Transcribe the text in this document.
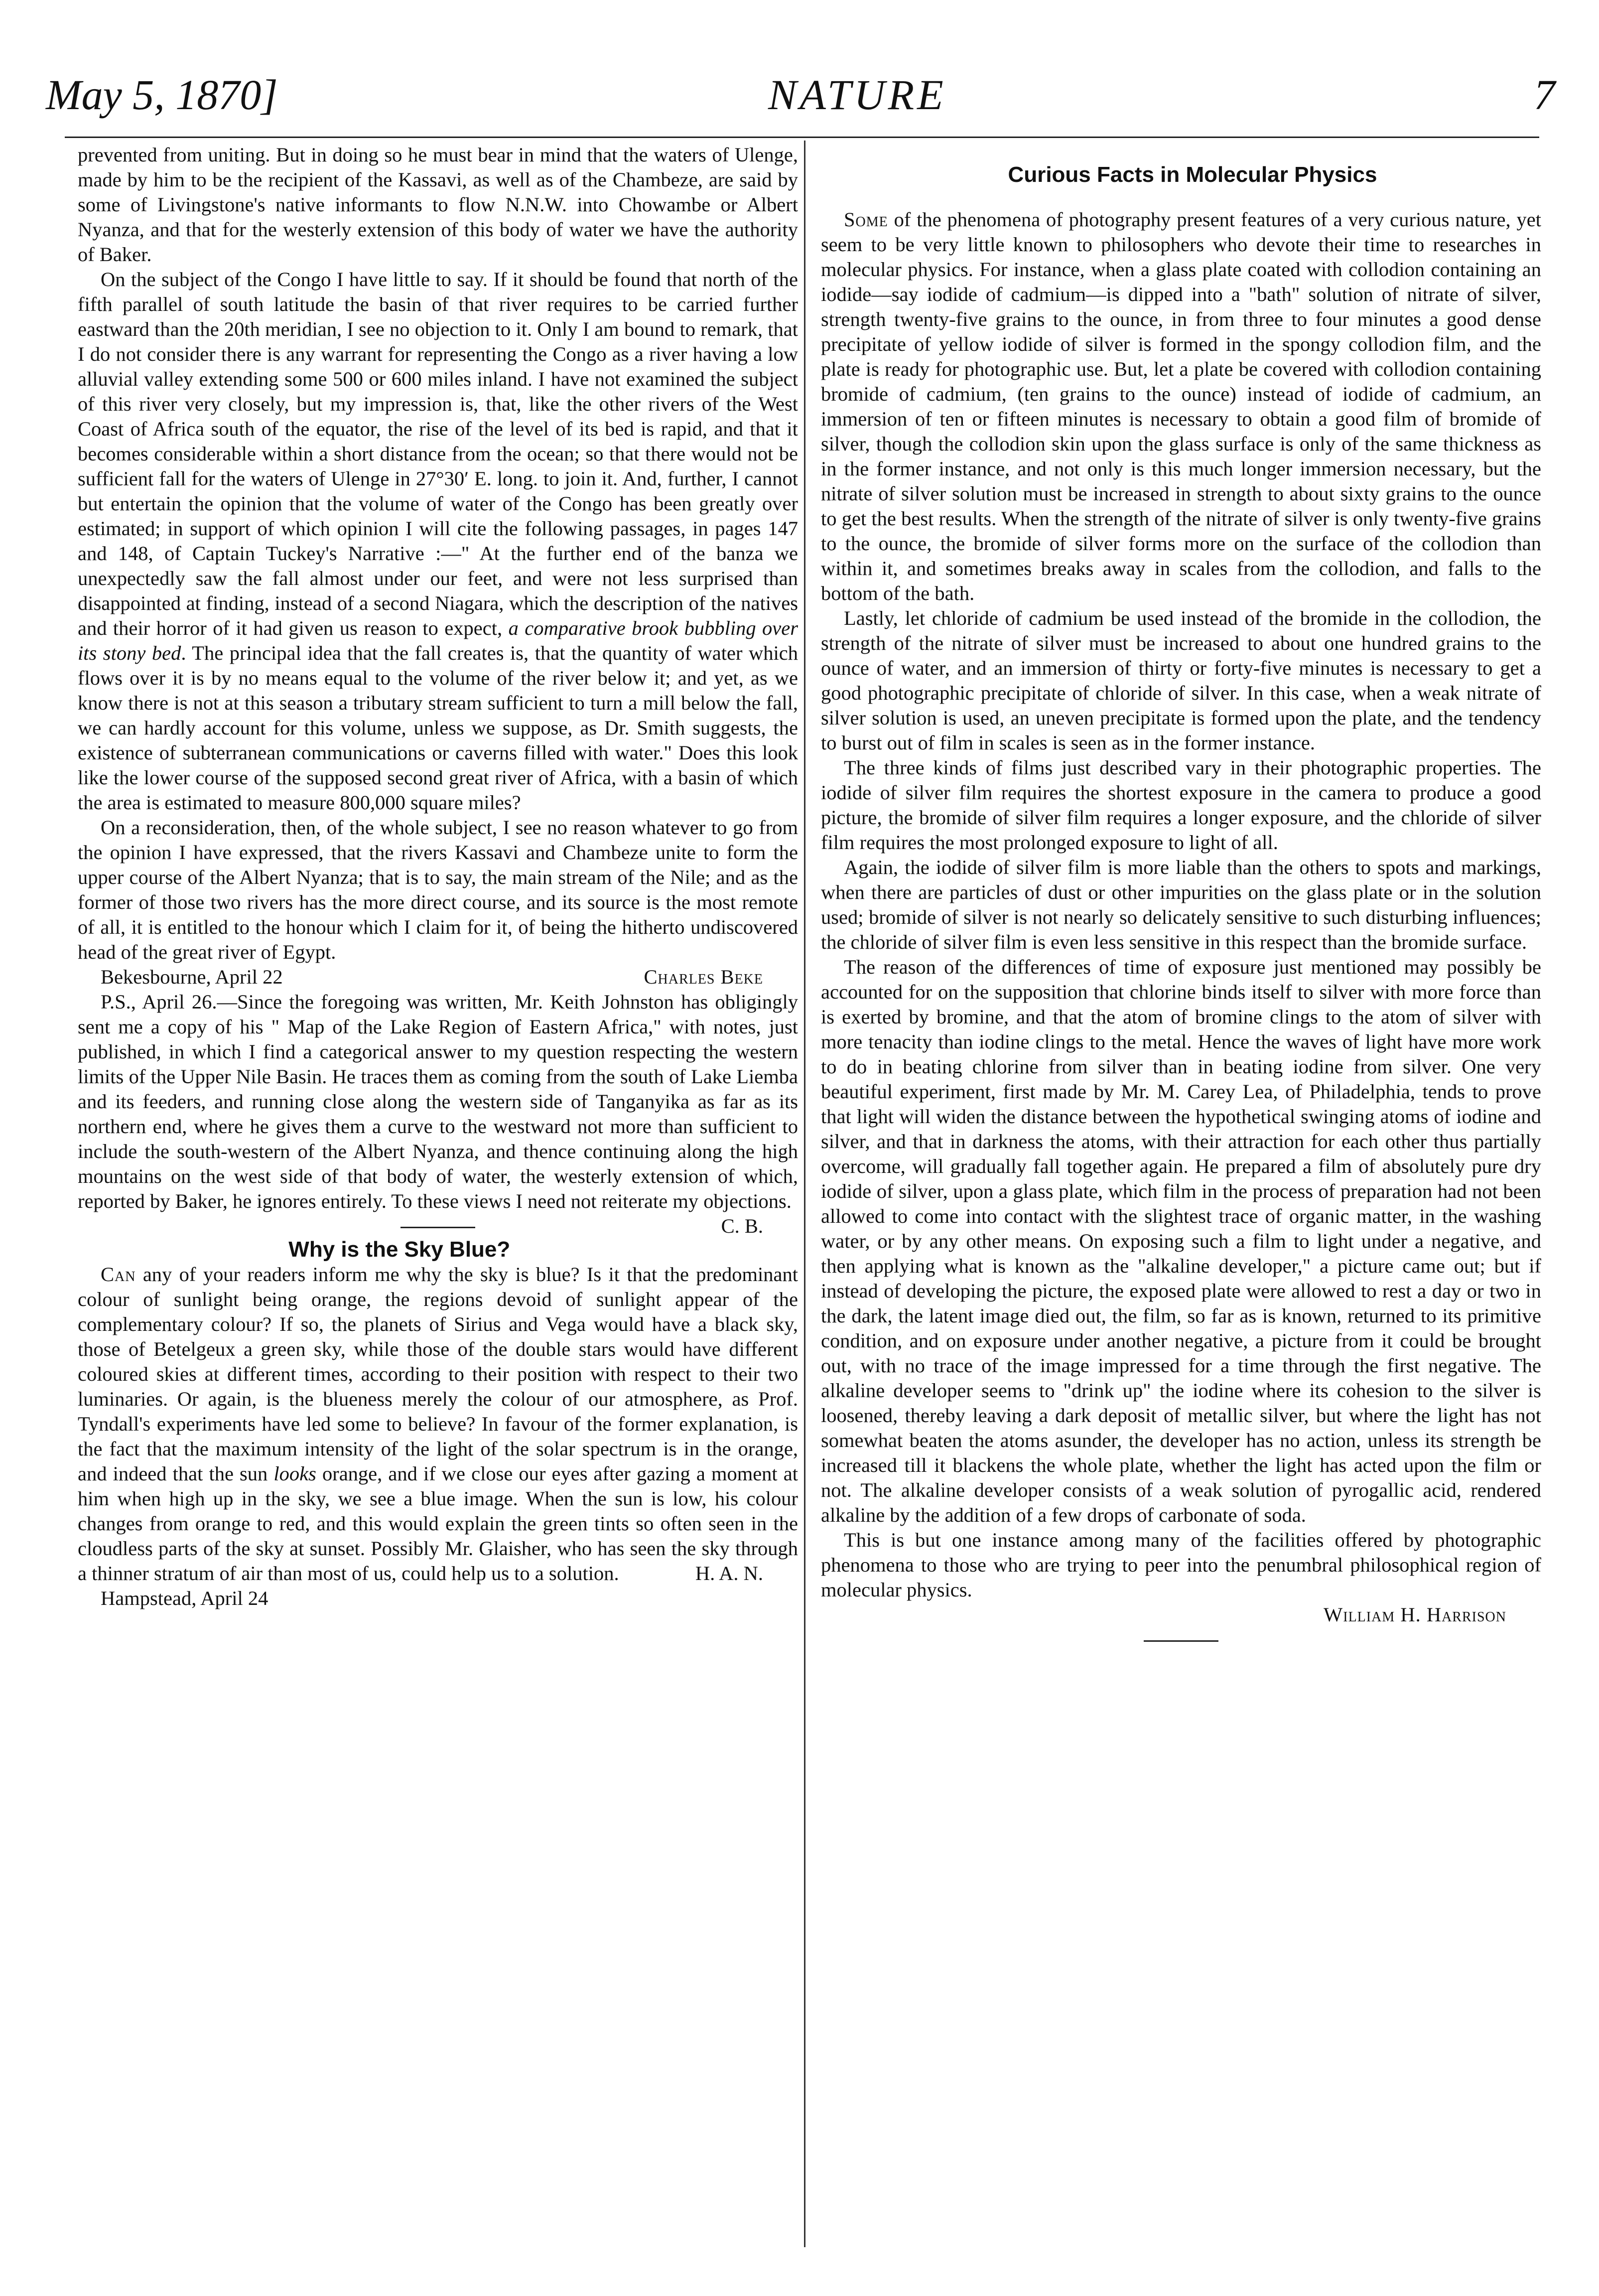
May 5, 1870]	NATURE	7

prevented from uniting. But in doing so he must bear in mind that the waters of Ulenge, made by him to be the recipient of the Kassavi, as well as of the Chambeze, are said by some of Livingstone's native informants to flow N.N.W. into Chowambe or Albert Nyanza, and that for the westerly extension of this body of water we have the authority of Baker.

On the subject of the Congo I have little to say. If it should be found that north of the fifth parallel of south latitude the basin of that river requires to be carried further eastward than the 20th meridian, I see no objection to it. Only I am bound to remark, that I do not consider there is any warrant for representing the Congo as a river having a low alluvial valley extending some 500 or 600 miles inland. I have not examined the subject of this river very closely, but my impression is, that, like the other rivers of the West Coast of Africa south of the equator, the rise of the level of its bed is rapid, and that it becomes considerable within a short distance from the ocean; so that there would not be sufficient fall for the waters of Ulenge in 27°30′ E. long. to join it. And, further, I cannot but entertain the opinion that the volume of water of the Congo has been greatly over estimated; in support of which opinion I will cite the following passages, in pages 147 and 148, of Captain Tuckey's Narrative :—" At the further end of the banza we unexpectedly saw the fall almost under our feet, and were not less surprised than disappointed at finding, instead of a second Niagara, which the description of the natives and their horror of it had given us reason to expect, a comparative brook bubbling over its stony bed. The principal idea that the fall creates is, that the quantity of water which flows over it is by no means equal to the volume of the river below it; and yet, as we know there is not at this season a tributary stream sufficient to turn a mill below the fall, we can hardly account for this volume, unless we suppose, as Dr. Smith suggests, the existence of subterranean communications or caverns filled with water." Does this look like the lower course of the supposed second great river of Africa, with a basin of which the area is estimated to measure 800,000 square miles?

On a reconsideration, then, of the whole subject, I see no reason whatever to go from the opinion I have expressed, that the rivers Kassavi and Chambeze unite to form the upper course of the Albert Nyanza; that is to say, the main stream of the Nile; and as the former of those two rivers has the more direct course, and its source is the most remote of all, it is entitled to the honour which I claim for it, of being the hitherto undiscovered head of the great river of Egypt.

Bekesbourne, April 22	Charles Beke

P.S., April 26.—Since the foregoing was written, Mr. Keith Johnston has obligingly sent me a copy of his " Map of the Lake Region of Eastern Africa," with notes, just published, in which I find a categorical answer to my question respecting the western limits of the Upper Nile Basin. He traces them as coming from the south of Lake Liemba and its feeders, and running close along the western side of Tanganyika as far as its northern end, where he gives them a curve to the westward not more than sufficient to include the south-western of the Albert Nyanza, and thence continuing along the high mountains on the west side of that body of water, the westerly extension of which, reported by Baker, he ignores entirely. To these views I need not reiterate my objections.
C. B.

Why is the Sky Blue?

Can any of your readers inform me why the sky is blue? Is it that the predominant colour of sunlight being orange, the regions devoid of sunlight appear of the complementary colour? If so, the planets of Sirius and Vega would have a black sky, those of Betelgeux a green sky, while those of the double stars would have different coloured skies at different times, according to their position with respect to their two luminaries. Or again, is the blueness merely the colour of our atmosphere, as Prof. Tyndall's experiments have led some to believe? In favour of the former explanation, is the fact that the maximum intensity of the light of the solar spectrum is in the orange, and indeed that the sun looks orange, and if we close our eyes after gazing a moment at him when high up in the sky, we see a blue image. When the sun is low, his colour changes from orange to red, and this would explain the green tints so often seen in the cloudless parts of the sky at sunset. Possibly Mr. Glaisher, who has seen the sky through a thinner stratum of air than most of us, could help us to a solution.	H. A. N.

Hampstead, April 24

Curious Facts in Molecular Physics

Some of the phenomena of photography present features of a very curious nature, yet seem to be very little known to philosophers who devote their time to researches in molecular physics. For instance, when a glass plate coated with collodion containing an iodide—say iodide of cadmium—is dipped into a "bath" solution of nitrate of silver, strength twenty-five grains to the ounce, in from three to four minutes a good dense precipitate of yellow iodide of silver is formed in the spongy collodion film, and the plate is ready for photographic use. But, let a plate be covered with collodion containing bromide of cadmium, (ten grains to the ounce) instead of iodide of cadmium, an immersion of ten or fifteen minutes is necessary to obtain a good film of bromide of silver, though the collodion skin upon the glass surface is only of the same thickness as in the former instance, and not only is this much longer immersion necessary, but the nitrate of silver solution must be increased in strength to about sixty grains to the ounce to get the best results. When the strength of the nitrate of silver is only twenty-five grains to the ounce, the bromide of silver forms more on the surface of the collodion than within it, and sometimes breaks away in scales from the collodion, and falls to the bottom of the bath.

Lastly, let chloride of cadmium be used instead of the bromide in the collodion, the strength of the nitrate of silver must be increased to about one hundred grains to the ounce of water, and an immersion of thirty or forty-five minutes is necessary to get a good photographic precipitate of chloride of silver. In this case, when a weak nitrate of silver solution is used, an uneven precipitate is formed upon the plate, and the tendency to burst out of film in scales is seen as in the former instance.

The three kinds of films just described vary in their photographic properties. The iodide of silver film requires the shortest exposure in the camera to produce a good picture, the bromide of silver film requires a longer exposure, and the chloride of silver film requires the most prolonged exposure to light of all.

Again, the iodide of silver film is more liable than the others to spots and markings, when there are particles of dust or other impurities on the glass plate or in the solution used; bromide of silver is not nearly so delicately sensitive to such disturbing influences; the chloride of silver film is even less sensitive in this respect than the bromide surface.

The reason of the differences of time of exposure just mentioned may possibly be accounted for on the supposition that chlorine binds itself to silver with more force than is exerted by bromine, and that the atom of bromine clings to the atom of silver with more tenacity than iodine clings to the metal. Hence the waves of light have more work to do in beating chlorine from silver than in beating iodine from silver. One very beautiful experiment, first made by Mr. M. Carey Lea, of Philadelphia, tends to prove that light will widen the distance between the hypothetical swinging atoms of iodine and silver, and that in darkness the atoms, with their attraction for each other thus partially overcome, will gradually fall together again. He prepared a film of absolutely pure dry iodide of silver, upon a glass plate, which film in the process of preparation had not been allowed to come into contact with the slightest trace of organic matter, in the washing water, or by any other means. On exposing such a film to light under a negative, and then applying what is known as the "alkaline developer," a picture came out; but if instead of developing the picture, the exposed plate were allowed to rest a day or two in the dark, the latent image died out, the film, so far as is known, returned to its primitive condition, and on exposure under another negative, a picture from it could be brought out, with no trace of the image impressed for a time through the first negative. The alkaline developer seems to "drink up" the iodine where its cohesion to the silver is loosened, thereby leaving a dark deposit of metallic silver, but where the light has not somewhat beaten the atoms asunder, the developer has no action, unless its strength be increased till it blackens the whole plate, whether the light has acted upon the film or not. The alkaline developer consists of a weak solution of pyrogallic acid, rendered alkaline by the addition of a few drops of carbonate of soda.

This is but one instance among many of the facilities offered by photographic phenomena to those who are trying to peer into the penumbral philosophical region of molecular physics.

William H. Harrison
